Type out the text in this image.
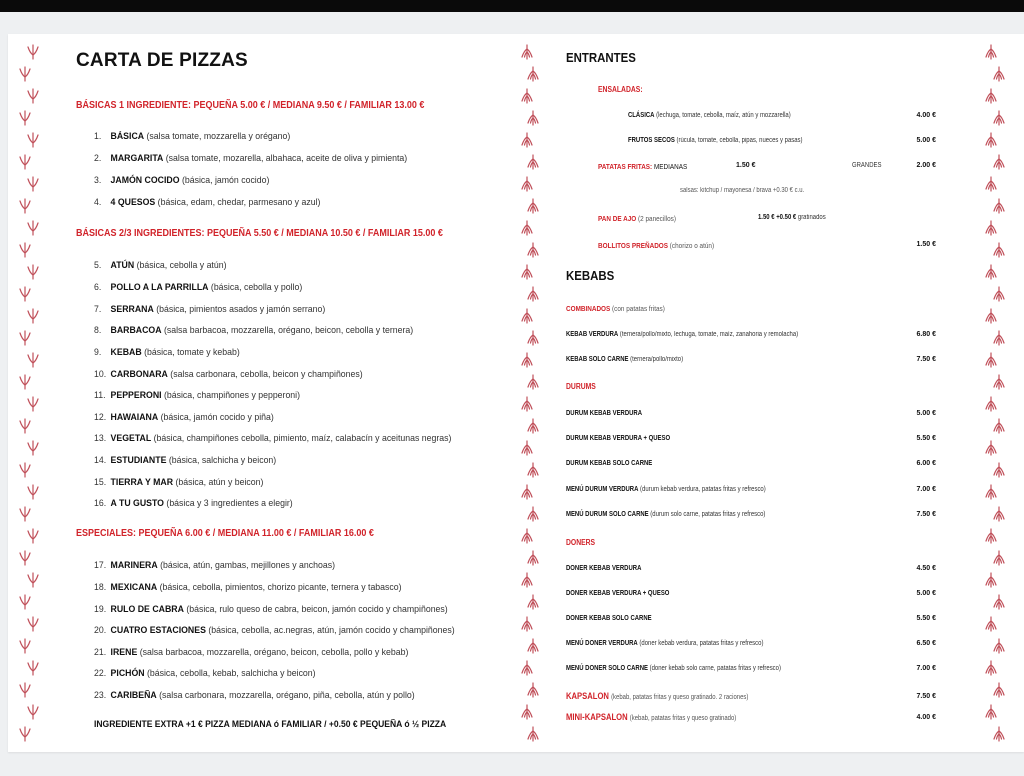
CARTA DE PIZZAS
BÁSICAS 1 INGREDIENTE: PEQUEÑA 5.00 € / MEDIANA 9.50 € / FAMILIAR 13.00 €
1. BÁSICA (salsa tomate, mozzarella y orégano)
2. MARGARITA (salsa tomate, mozarella, albahaca, aceite de oliva y pimienta)
3. JAMÓN COCIDO (básica, jamón cocido)
4. 4 QUESOS (básica, edam, chedar, parmesano y azul)
BÁSICAS 2/3 INGREDIENTES: PEQUEÑA 5.50 € / MEDIANA 10.50 € / FAMILIAR 15.00 €
5. ATÚN (básica, cebolla y atún)
6. POLLO A LA PARRILLA (básica, cebolla y pollo)
7. SERRANA (básica, pimientos asados y jamón serrano)
8. BARBACOA (salsa barbacoa, mozzarella, orégano, beicon, cebolla y ternera)
9. KEBAB (básica, tomate y kebab)
10. CARBONARA (salsa carbonara, cebolla, beicon y champiñones)
11. PEPPERONI (básica, champiñones y pepperoni)
12. HAWAIANA (básica, jamón cocido y piña)
13. VEGETAL (básica, champiñones cebolla, pimiento, maíz, calabacín y aceitunas negras)
14. ESTUDIANTE (básica, salchicha y beicon)
15. TIERRA Y MAR (básica, atún y beicon)
16. A TU GUSTO (básica y 3 ingredientes a elegir)
ESPECIALES: PEQUEÑA 6.00 € / MEDIANA 11.00 € / FAMILIAR 16.00 €
17. MARINERA (básica, atún, gambas, mejillones y anchoas)
18. MEXICANA (básica, cebolla, pimientos, chorizo picante, ternera y tabasco)
19. RULO DE CABRA (básica, rulo queso de cabra, beicon, jamón cocido y champiñones)
20. CUATRO ESTACIONES (básica, cebolla, ac.negras, atún, jamón cocido y champiñones)
21. IRENE (salsa barbacoa, mozzarella, orégano, beicon, cebolla, pollo y kebab)
22. PICHÓN (básica, cebolla, kebab, salchicha y beicon)
23. CARIBEÑA (salsa carbonara, mozzarella, orégano, piña, cebolla, atún y pollo)
INGREDIENTE EXTRA +1 € PIZZA MEDIANA ó FAMILIAR / +0.50 € PEQUEÑA ó ½ PIZZA
ENTRANTES
ENSALADAS:
CLÁSICA (lechuga, tomate, cebolla, maíz, atún y mozzarella)	4.00 €
FRUTOS SECOS (rúcula, tomate, cebolla, pipas, nueces y pasas)	5.00 €
PATATAS FRITAS: MEDIANAS	1.50 €	GRANDES	2.00 €
salsas: kitchup / mayonesa / brava +0.30 € c.u.
PAN DE AJO (2 panecillos)	1.50 € +0.50 € gratinados
BOLLITOS PREÑADOS (chorizo o atún)	1.50 €
KEBABS
COMBINADOS (con patatas fritas)
KEBAB VERDURA (ternera/pollo/mixto, lechuga, tomate, maíz, zanahoria y remolacha)	6.80 €
KEBAB SOLO CARNE (ternera/pollo/mixto)	7.50 €
DURUMS
DURUM KEBAB VERDURA	5.00 €
DURUM KEBAB VERDURA + QUESO	5.50 €
DURUM KEBAB SOLO CARNE	6.00 €
MENÚ DURUM VERDURA (durum kebab verdura, patatas fritas y refresco)	7.00 €
MENÚ DURUM SOLO CARNE (durum solo carne, patatas fritas y refresco)	7.50 €
DONERS
DONER KEBAB VERDURA	4.50 €
DONER KEBAB VERDURA + QUESO	5.00 €
DONER KEBAB SOLO CARNE	5.50 €
MENÚ DONER VERDURA (doner kebab verdura, patatas fritas y refresco)	6.50 €
MENÚ DONER SOLO CARNE (doner kebab solo carne, patatas fritas y refresco)	7.00 €
KAPSALON (kebab, patatas fritas y queso gratinado. 2 raciones)	7.50 €
MINI-KAPSALON (kebab, patatas fritas y queso gratinado)	4.00 €
